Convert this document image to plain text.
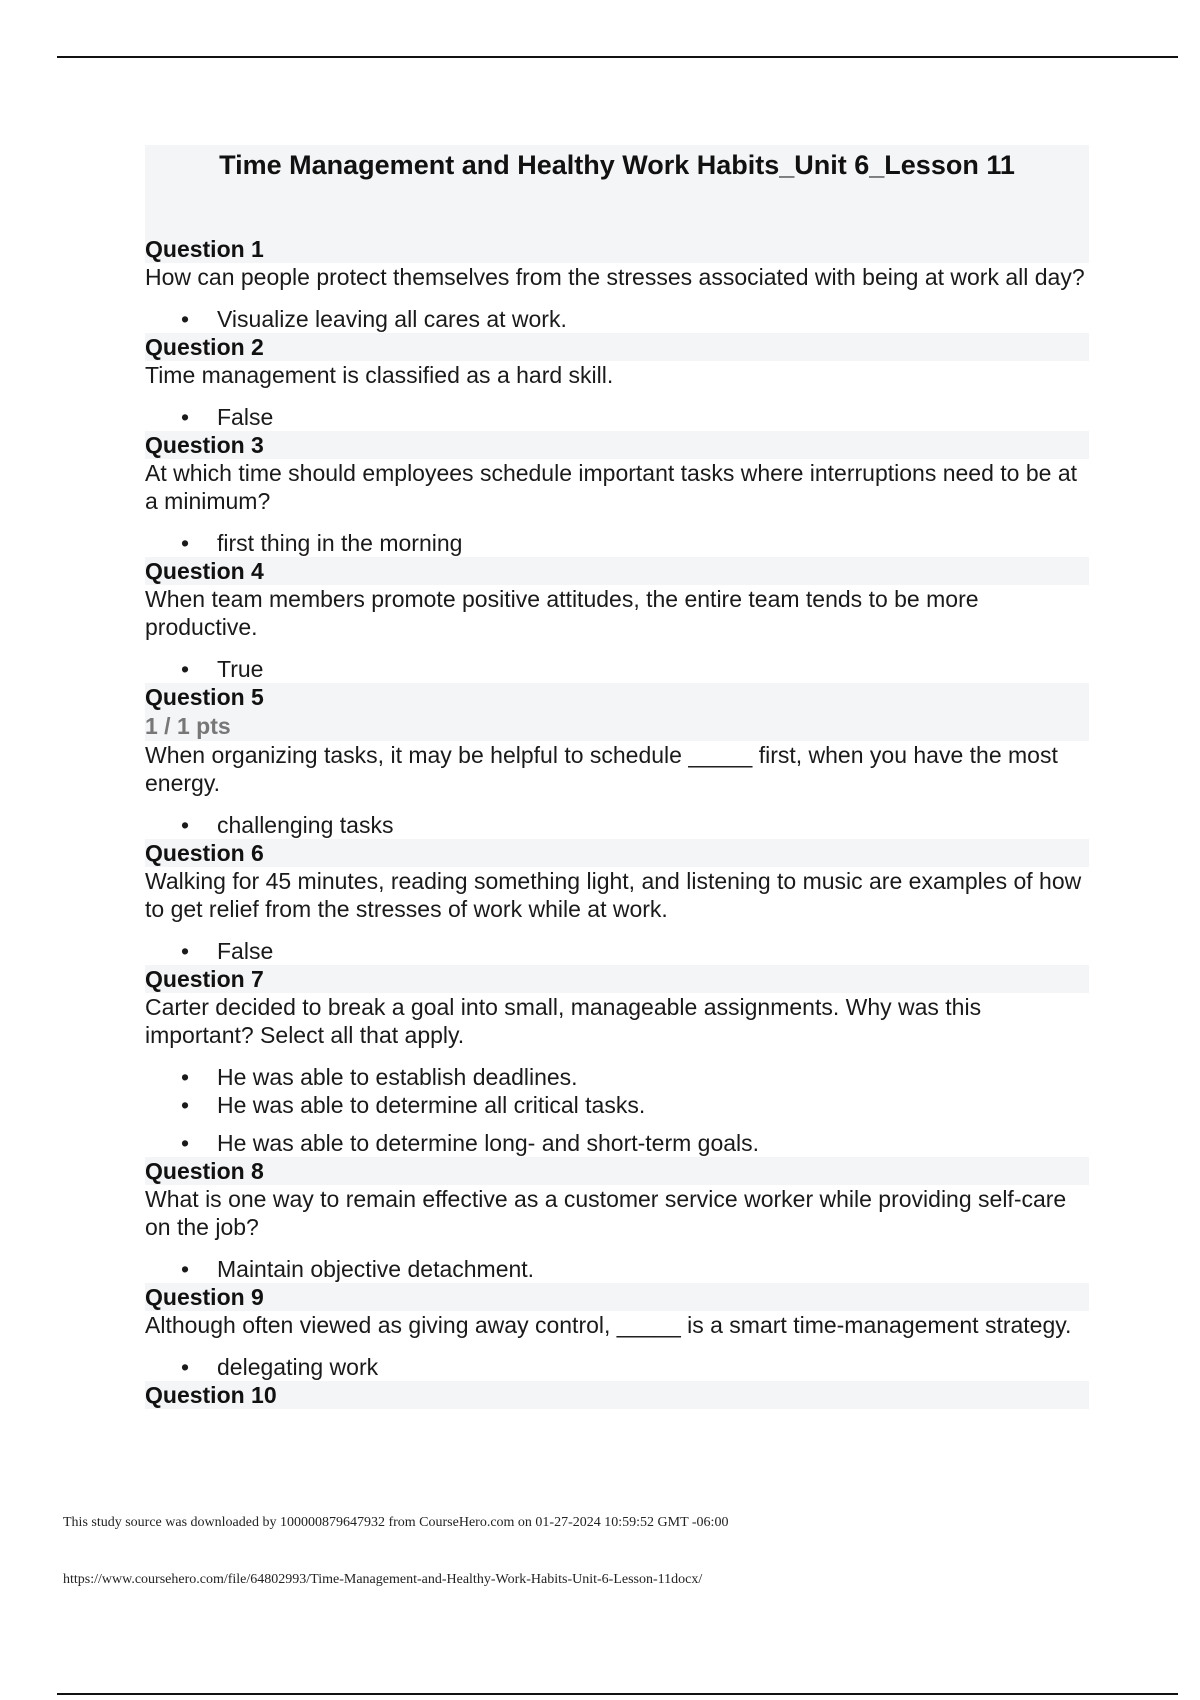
Time Management and Healthy Work Habits_Unit 6_Lesson 11
Question 1

How can people protect themselves from the stresses associated with being at work all day?

• Visualize leaving all cares at work.
Question 2

Time management is classified as a hard skill.

• False
Question 3

At which time should employees schedule important tasks where interruptions need to be at a minimum?

• first thing in the morning
Question 4

When team members promote positive attitudes, the entire team tends to be more productive.

• True
Question 5
1 / 1 pts

When organizing tasks, it may be helpful to schedule _____ first, when you have the most energy.

• challenging tasks
Question 6

Walking for 45 minutes, reading something light, and listening to music are examples of how to get relief from the stresses of work while at work.

• False
Question 7

Carter decided to break a goal into small, manageable assignments. Why was this important? Select all that apply.

• He was able to establish deadlines.
• He was able to determine all critical tasks.
• He was able to determine long- and short-term goals.
Question 8

What is one way to remain effective as a customer service worker while providing self-care on the job?

• Maintain objective detachment.
Question 9

Although often viewed as giving away control, _____ is a smart time-management strategy.

• delegating work
Question 10
This study source was downloaded by 100000879647932 from CourseHero.com on 01-27-2024 10:59:52 GMT -06:00
https://www.coursehero.com/file/64802993/Time-Management-and-Healthy-Work-Habits-Unit-6-Lesson-11docx/
